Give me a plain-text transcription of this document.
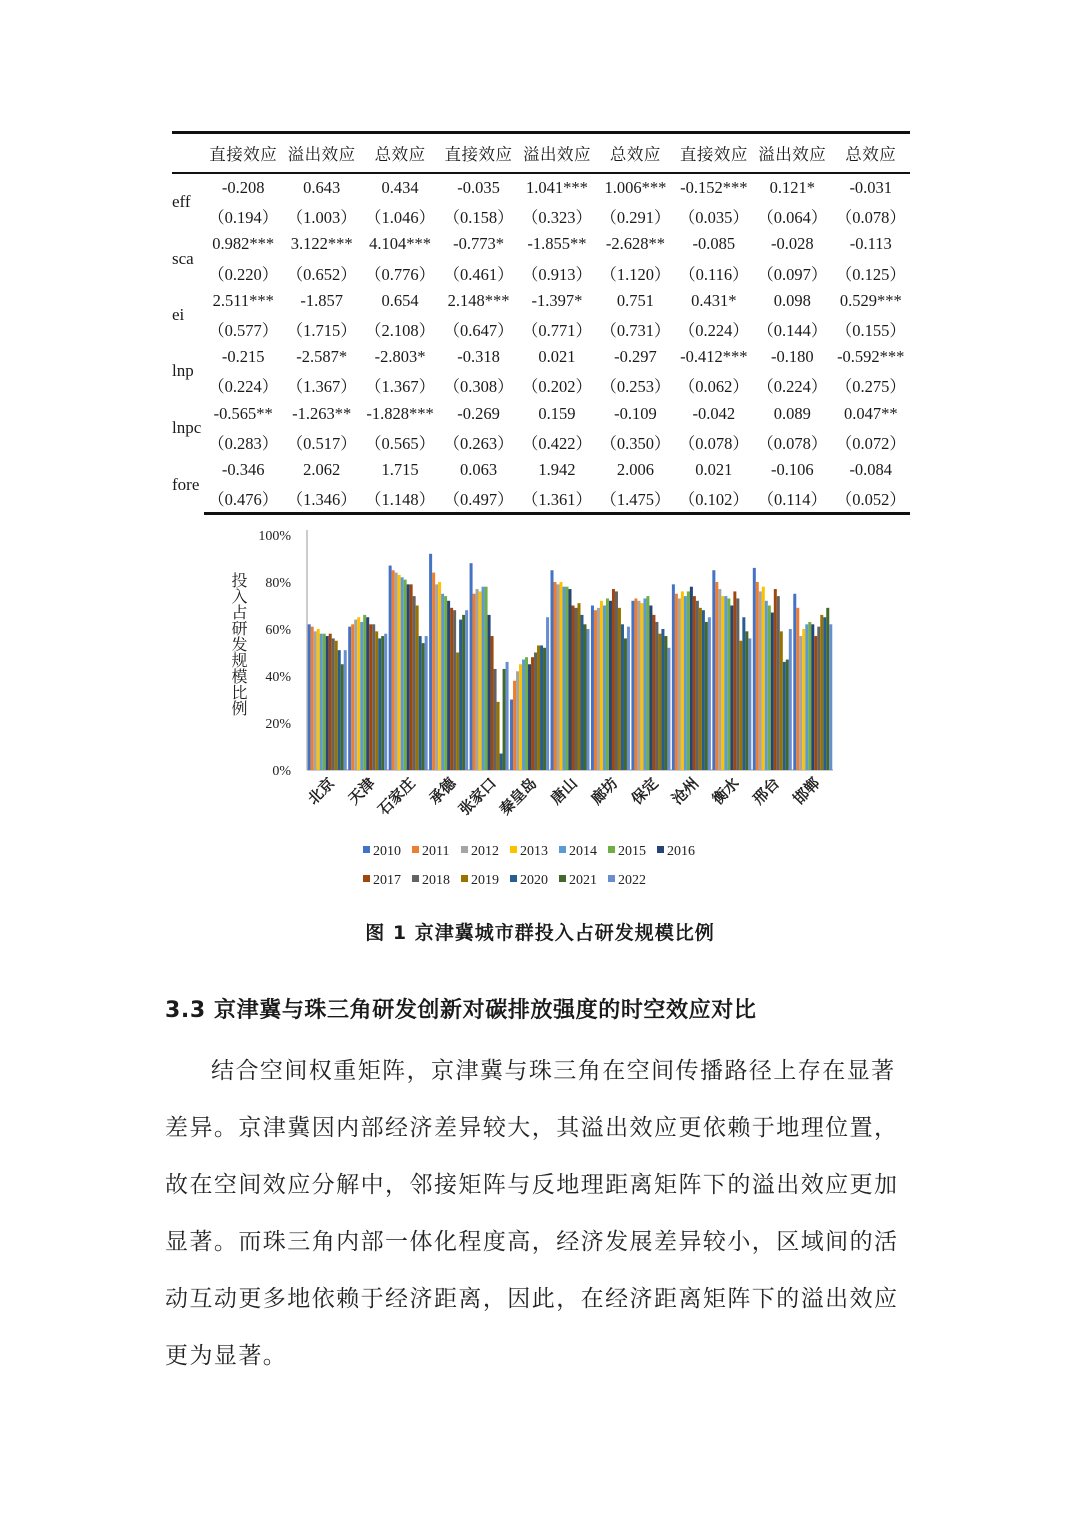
	直接效应	溢出效应	总效应	直接效应	溢出效应	总效应	直接效应	溢出效应	总效应
eff	-0.208	0.643	0.434	-0.035	1.041***	1.006***	-0.152***	0.121*	-0.031
	（0.194）	（1.003）	（1.046）	（0.158）	（0.323）	（0.291）	（0.035）	（0.064）	（0.078）
sca	0.982***	3.122***	4.104***	-0.773*	-1.855**	-2.628**	-0.085	-0.028	-0.113
	（0.220）	（0.652）	（0.776）	（0.461）	（0.913）	（1.120）	（0.116）	（0.097）	（0.125）
ei	2.511***	-1.857	0.654	2.148***	-1.397*	0.751	0.431*	0.098	0.529***
	（0.577）	（1.715）	（2.108）	（0.647）	（0.771）	（0.731）	（0.224）	（0.144）	（0.155）
lnp	-0.215	-2.587*	-2.803*	-0.318	0.021	-0.297	-0.412***	-0.180	-0.592***
	（0.224）	（1.367）	（1.367）	（0.308）	（0.202）	（0.253）	（0.062）	（0.224）	（0.275）
lnpc	-0.565**	-1.263**	-1.828***	-0.269	0.159	-0.109	-0.042	0.089	0.047**
	（0.283）	（0.517）	（0.565）	（0.263）	（0.422）	（0.350）	（0.078）	（0.078）	（0.072）
fore	-0.346	2.062	1.715	0.063	1.942	2.006	0.021	-0.106	-0.084
	（0.476）	（1.346）	（1.148）	（0.497）	（1.361）	（1.475）	（0.102）	（0.114）	（0.052）
0%
20%
40%
60%
80%
100%
北京 天津
石家庄 承德
张家口
秦皇岛 唐山 廊坊 保定 沧州 衡水 邢台 邯郸
2010 2011 2012 2013 2014 2015 2016
2017 2018 2019 2020 2021 2022
投入占研发规模比例
图 1 京津冀城市群投入占研发规模比例
3.3 京津冀与珠三角研发创新对碳排放强度的时空效应对比
结合空间权重矩阵，京津冀与珠三角在空间传播路径上存在显著差异。京津冀因内部经济差异较大，其溢出效应更依赖于地理位置，故在空间效应分解中，邻接矩阵与反地理距离矩阵下的溢出效应更加显著。而珠三角内部一体化程度高，经济发展差异较小，区域间的活动互动更多地依赖于经济距离，因此，在经济距离矩阵下的溢出效应更为显著。
